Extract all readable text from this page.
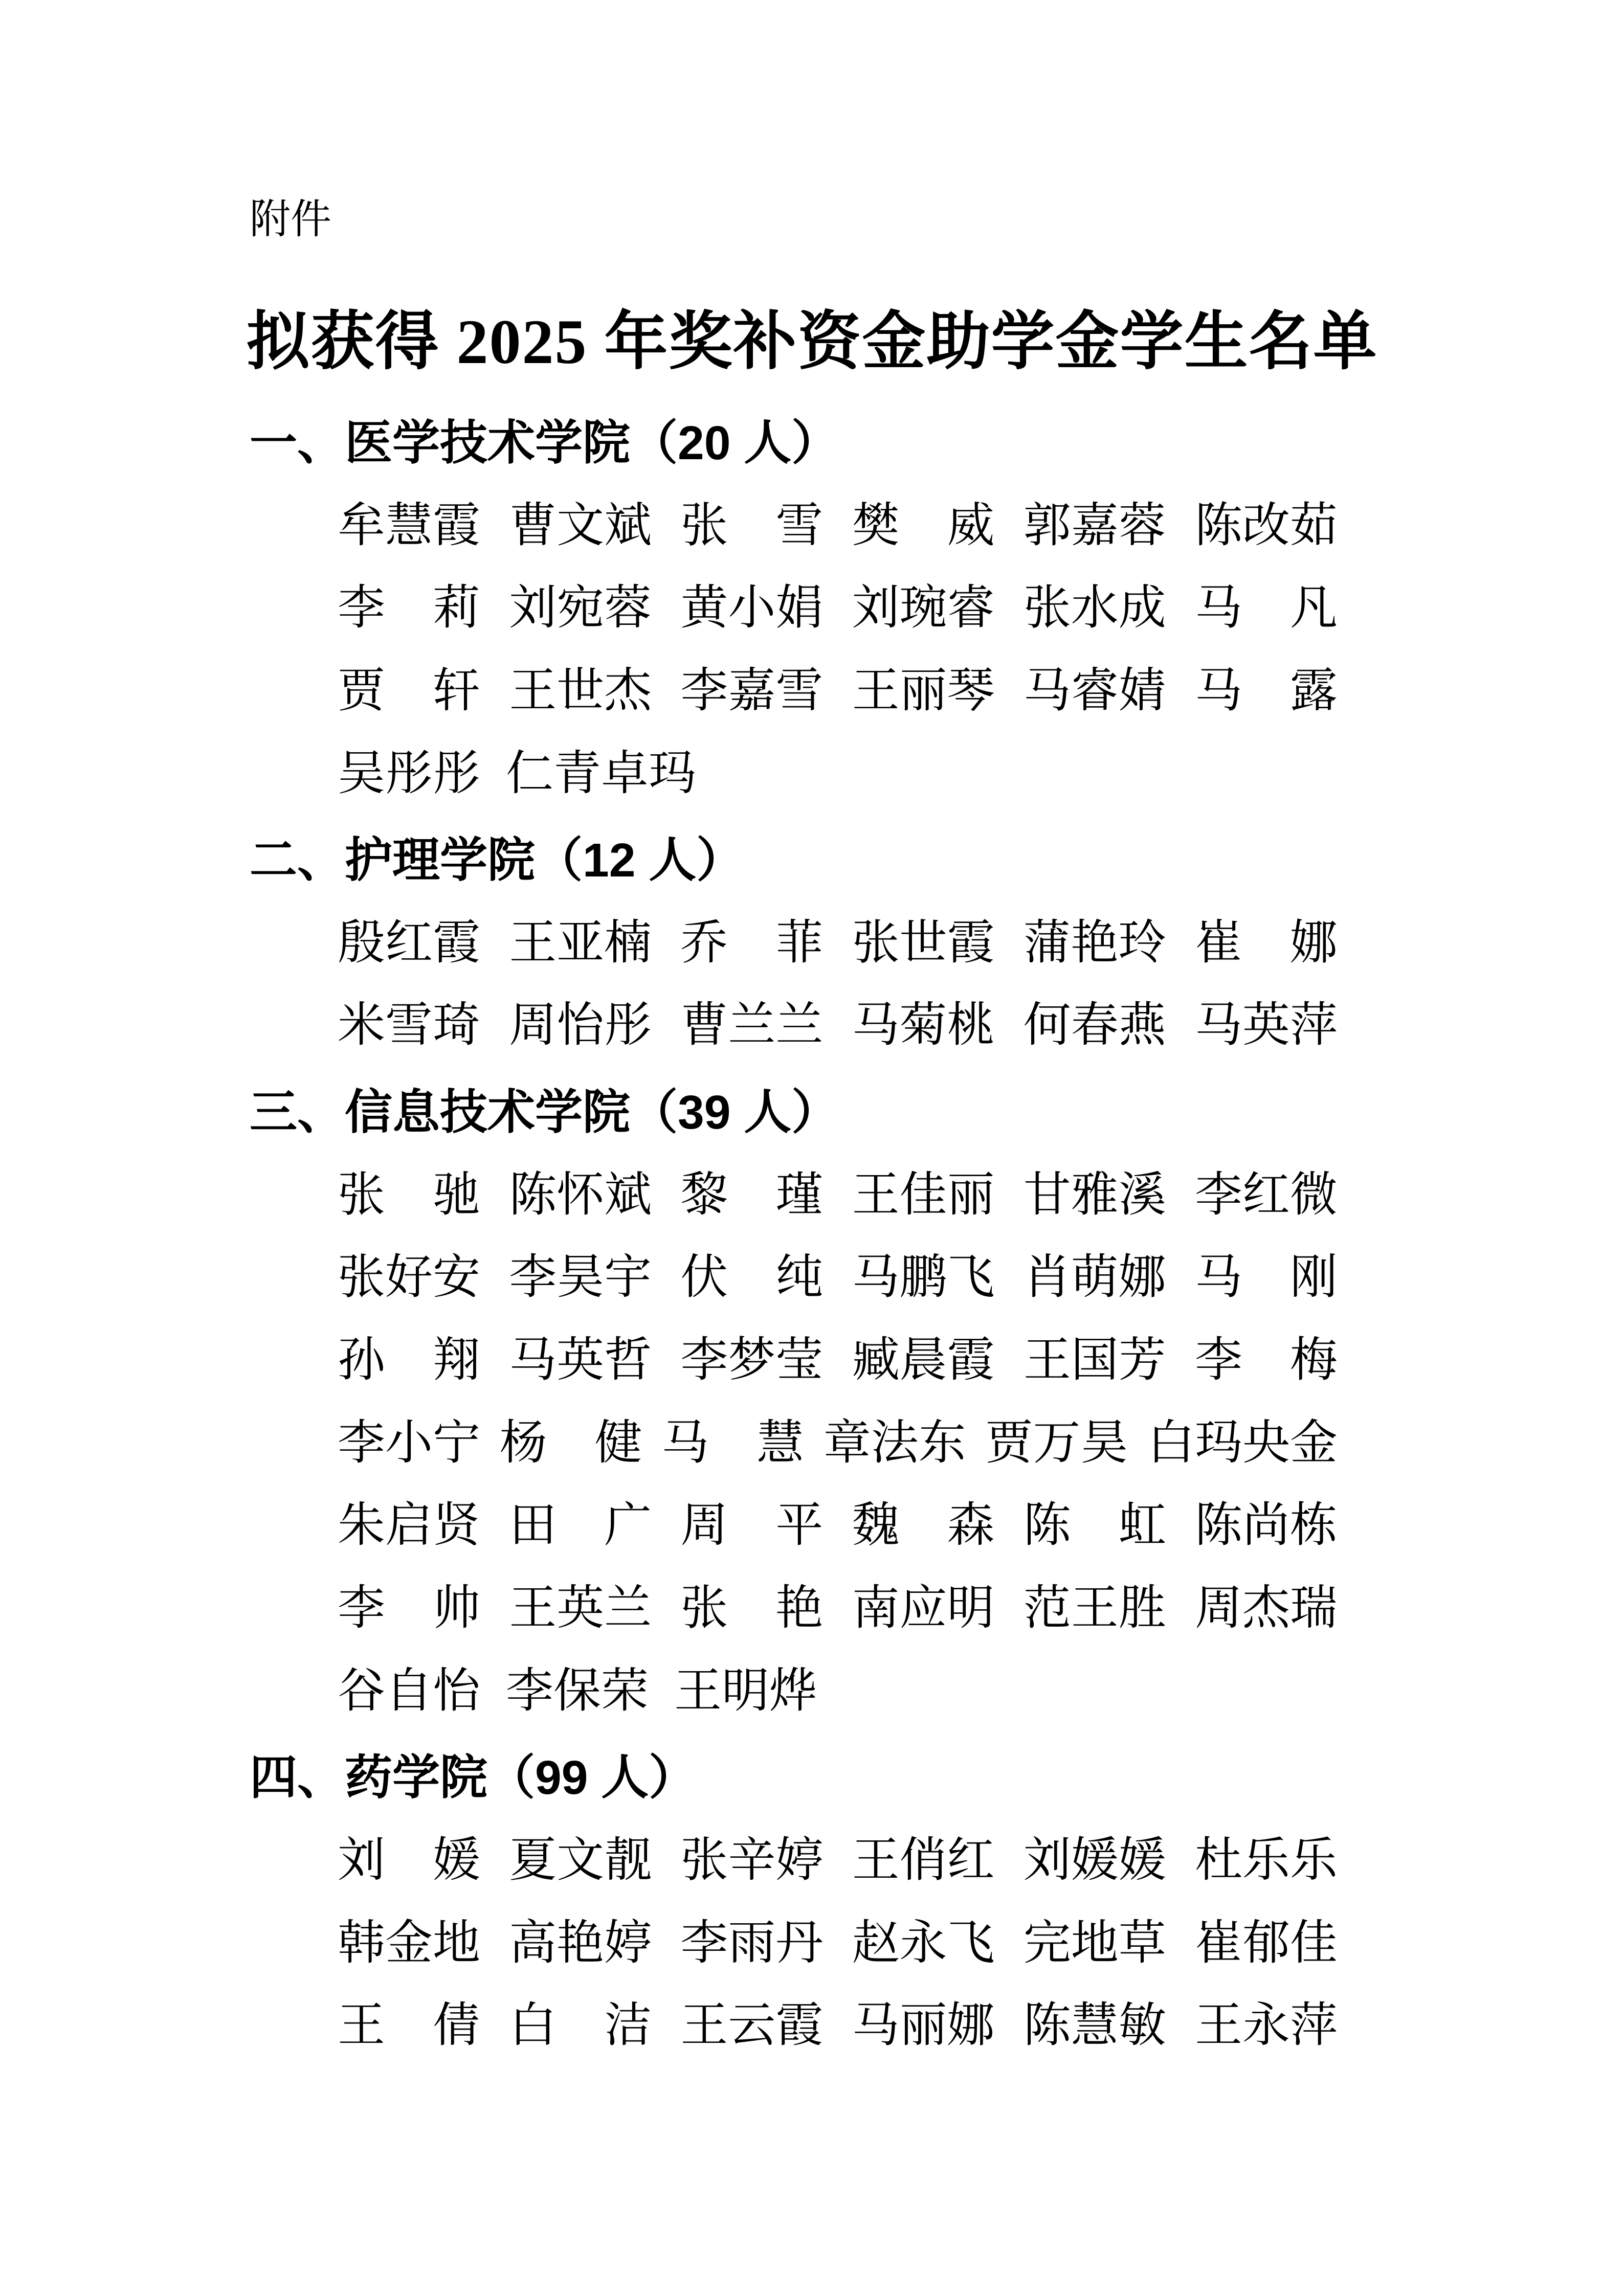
附件
拟获得 2025 年奖补资金助学金学生名单
一、医学技术学院（20 人）
牟慧霞 曹文斌 张　雪 樊　威 郭嘉蓉 陈改茹
李　莉 刘宛蓉 黄小娟 刘琬睿 张水成 马　凡
贾　轩 王世杰 李嘉雪 王丽琴 马睿婧 马　露
吴彤彤 仁青卓玛
二、护理学院（12 人）
殷红霞 王亚楠 乔　菲 张世霞 蒲艳玲 崔　娜
米雪琦 周怡彤 曹兰兰 马菊桃 何春燕 马英萍
三、信息技术学院（39 人）
张　驰 陈怀斌 黎　瑾 王佳丽 甘雅溪 李红微
张好安 李昊宇 伏　纯 马鹏飞 肖萌娜 马　刚
孙　翔 马英哲 李梦莹 臧晨霞 王国芳 李　梅
李小宁 杨　健 马　慧 章法东 贾万昊 白玛央金
朱启贤 田　广 周　平 魏　森 陈　虹 陈尚栋
李　帅 王英兰 张　艳 南应明 范王胜 周杰瑞
谷自怡 李保荣 王明烨
四、药学院（99 人）
刘　媛 夏文靓 张辛婷 王俏红 刘媛媛 杜乐乐
韩金地 高艳婷 李雨丹 赵永飞 完地草 崔郁佳
王　倩 白　洁 王云霞 马丽娜 陈慧敏 王永萍
